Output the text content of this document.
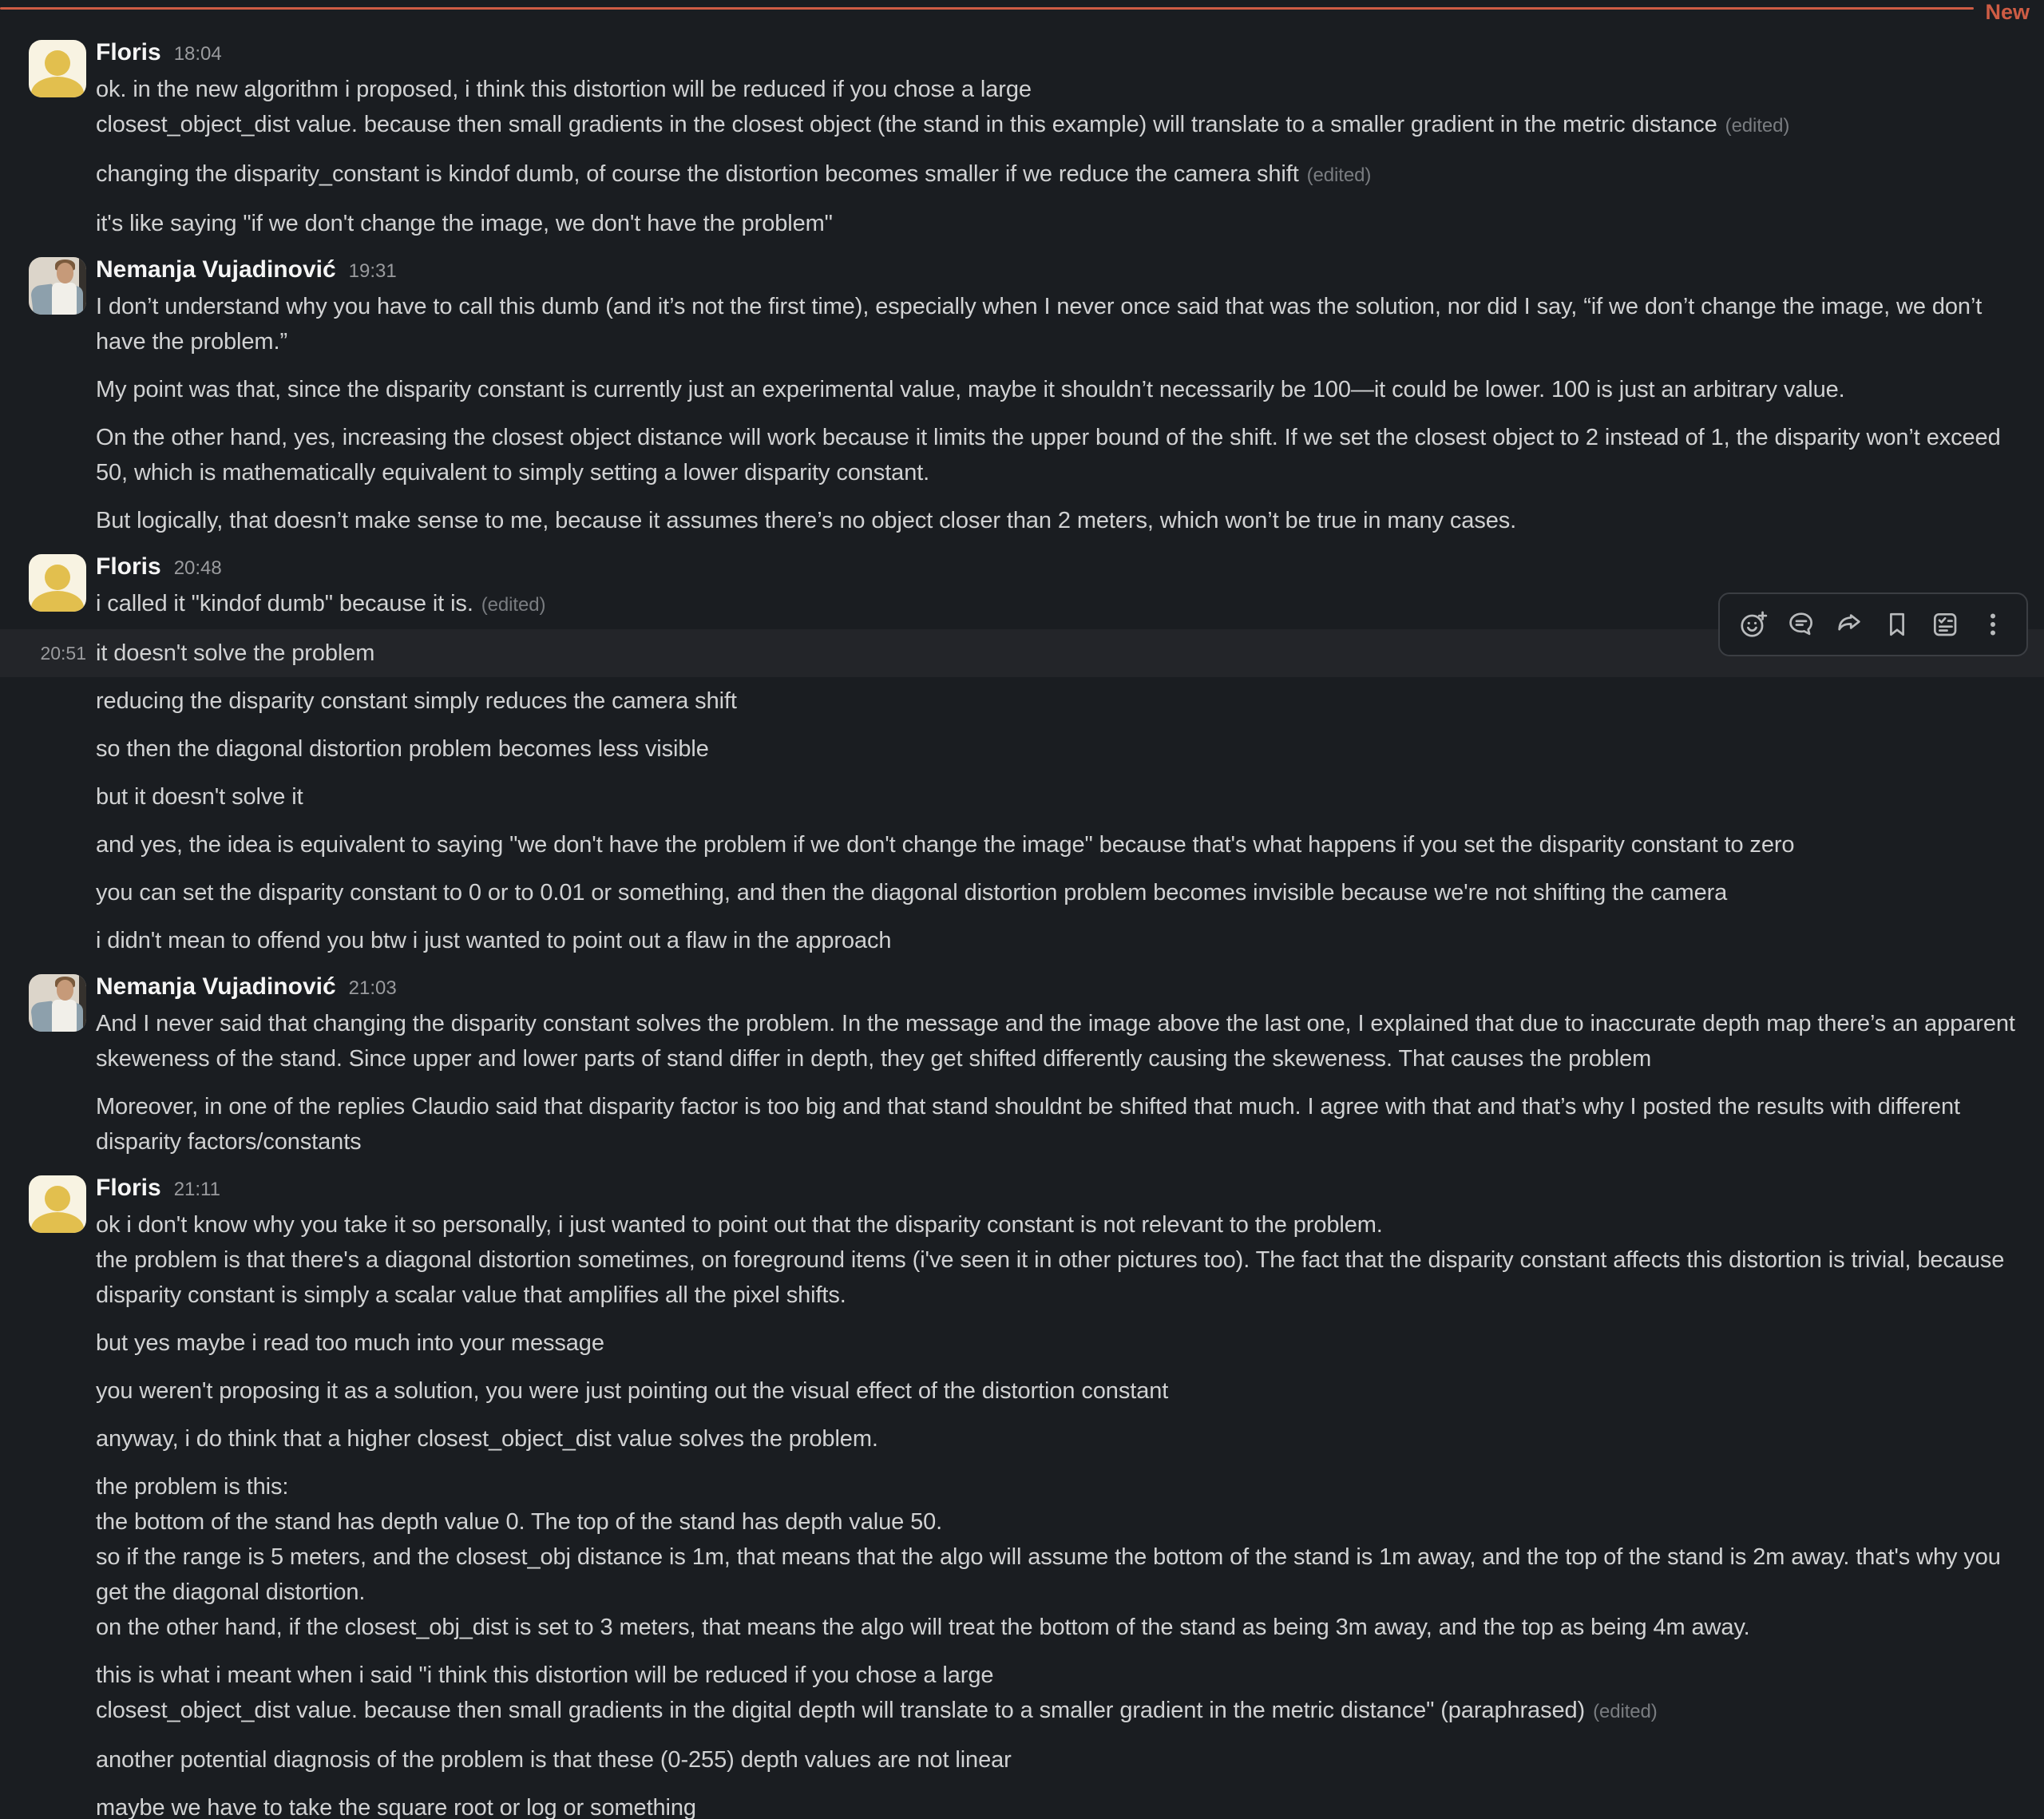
New
Floris 18:04
ok. in the new algorithm i proposed, i think this distortion will be reduced if you chose a large
closest_object_dist value. because then small gradients in the closest object (the stand in this example) will translate to a smaller gradient in the metric distance (edited)
changing the disparity_constant is kindof dumb, of course the distortion becomes smaller if we reduce the camera shift (edited)
it's like saying "if we don't change the image, we don't have the problem"
Nemanja Vujadinović 19:31
I don’t understand why you have to call this dumb (and it’s not the first time), especially when I never once said that was the solution, nor did I say, “if we don’t change the image, we don’t have the problem.”
My point was that, since the disparity constant is currently just an experimental value, maybe it shouldn’t necessarily be 100—it could be lower. 100 is just an arbitrary value.
On the other hand, yes, increasing the closest object distance will work because it limits the upper bound of the shift. If we set the closest object to 2 instead of 1, the disparity won’t exceed 50, which is mathematically equivalent to simply setting a lower disparity constant.
But logically, that doesn’t make sense to me, because it assumes there’s no object closer than 2 meters, which won’t be true in many cases.
Floris 20:48
i called it "kindof dumb" because it is. (edited)
20:51 it doesn't solve the problem
reducing the disparity constant simply reduces the camera shift
so then the diagonal distortion problem becomes less visible
but it doesn't solve it
and yes, the idea is equivalent to saying "we don't have the problem if we don't change the image" because that's what happens if you set the disparity constant to zero
you can set the disparity constant to 0 or to 0.01 or something, and then the diagonal distortion problem becomes invisible because we're not shifting the camera
i didn't mean to offend you btw i just wanted to point out a flaw in the approach
Nemanja Vujadinović 21:03
And I never said that changing the disparity constant solves the problem. In the message and the image above the last one, I explained that due to inaccurate depth map there’s an apparent skeweness of the stand. Since upper and lower parts of stand differ in depth, they get shifted differently causing the skeweness. That causes the problem
Moreover, in one of the replies Claudio said that disparity factor is too big and that stand shouldnt be shifted that much. I agree with that and that’s why I posted the results with different disparity factors/constants
Floris 21:11
ok i don't know why you take it so personally, i just wanted to point out that the disparity constant is not relevant to the problem.
the problem is that there's a diagonal distortion sometimes, on foreground items (i've seen it in other pictures too). The fact that the disparity constant affects this distortion is trivial, because disparity constant is simply a scalar value that amplifies all the pixel shifts.
but yes maybe i read too much into your message
you weren't proposing it as a solution, you were just pointing out the visual effect of the distortion constant
anyway, i do think that a higher closest_object_dist value solves the problem.
the problem is this:
the bottom of the stand has depth value 0. The top of the stand has depth value 50.
so if the range is 5 meters, and the closest_obj distance is 1m, that means that the algo will assume the bottom of the stand is 1m away, and the top of the stand is 2m away. that's why you get the diagonal distortion.
on the other hand, if the closest_obj_dist is set to 3 meters, that means the algo will treat the bottom of the stand as being 3m away, and the top as being 4m away.
this is what i meant when i said "i think this distortion will be reduced if you chose a large
closest_object_dist value. because then small gradients in the digital depth will translate to a smaller gradient in the metric distance" (paraphrased) (edited)
another potential diagnosis of the problem is that these (0-255) depth values are not linear
maybe we have to take the square root or log or something
